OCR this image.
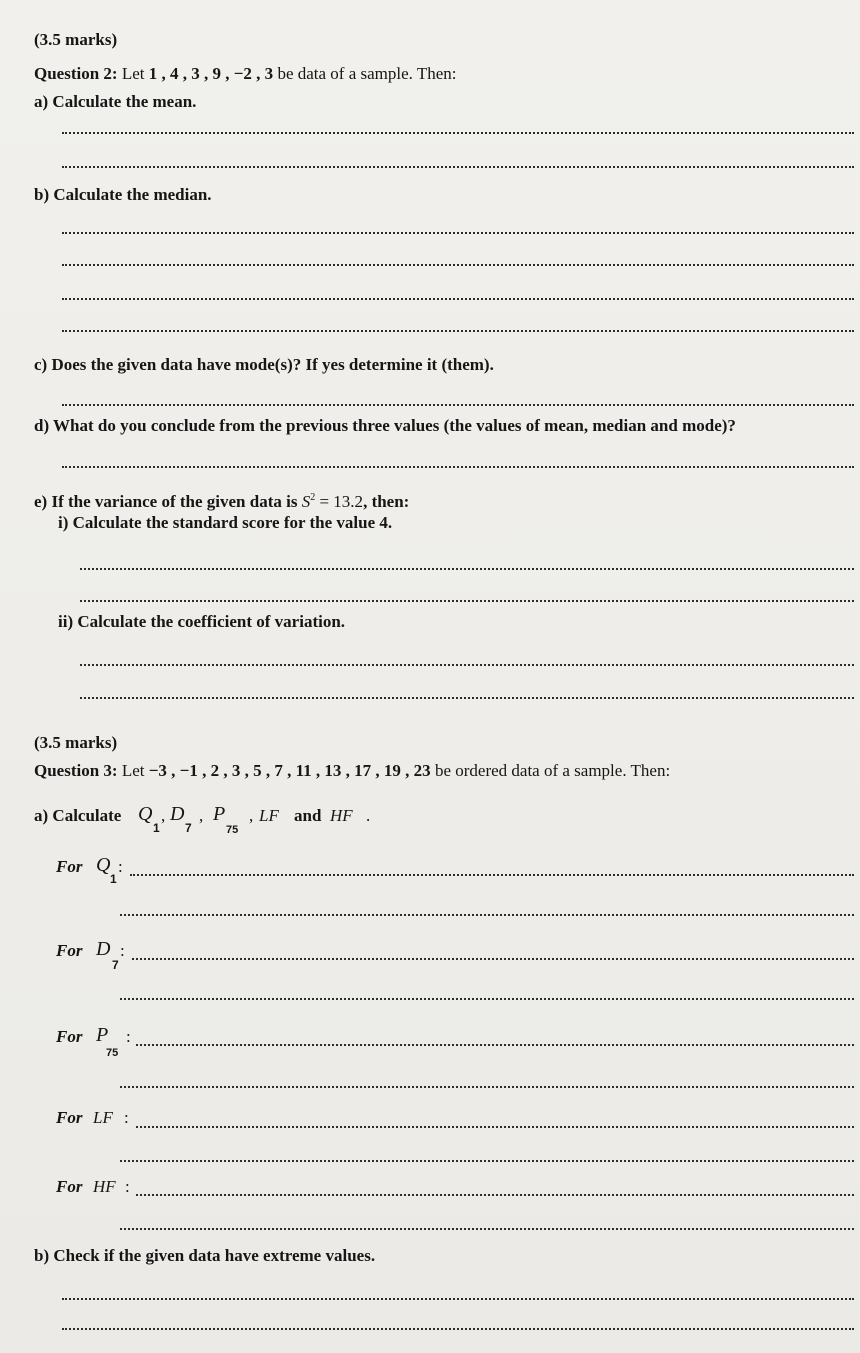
(3.5 marks)
Question 2: Let 1 , 4 , 3 , 9 , −2 , 3 be data of a sample. Then:
a) Calculate the mean.
b) Calculate the median.
c) Does the given data have mode(s)? If yes determine it (them).
d) What do you conclude from the previous three values (the values of mean, median and mode)?
e) If the variance of the given data is $S^2 = 13.2$, then:
i) Calculate the standard score for the value 4.
ii) Calculate the coefficient of variation.
(3.5 marks)
Question 3: Let −3 , −1 , 2 , 3 , 5 , 7 , 11 , 13 , 17 , 19 , 23 be ordered data of a sample. Then:
a) Calculate Q
1
, D
7
, P
75
, LF and HF .
For Q
1
:
For D
7
:
For P
75
:
For LF :
For HF :
b) Check if the given data have extreme values.
